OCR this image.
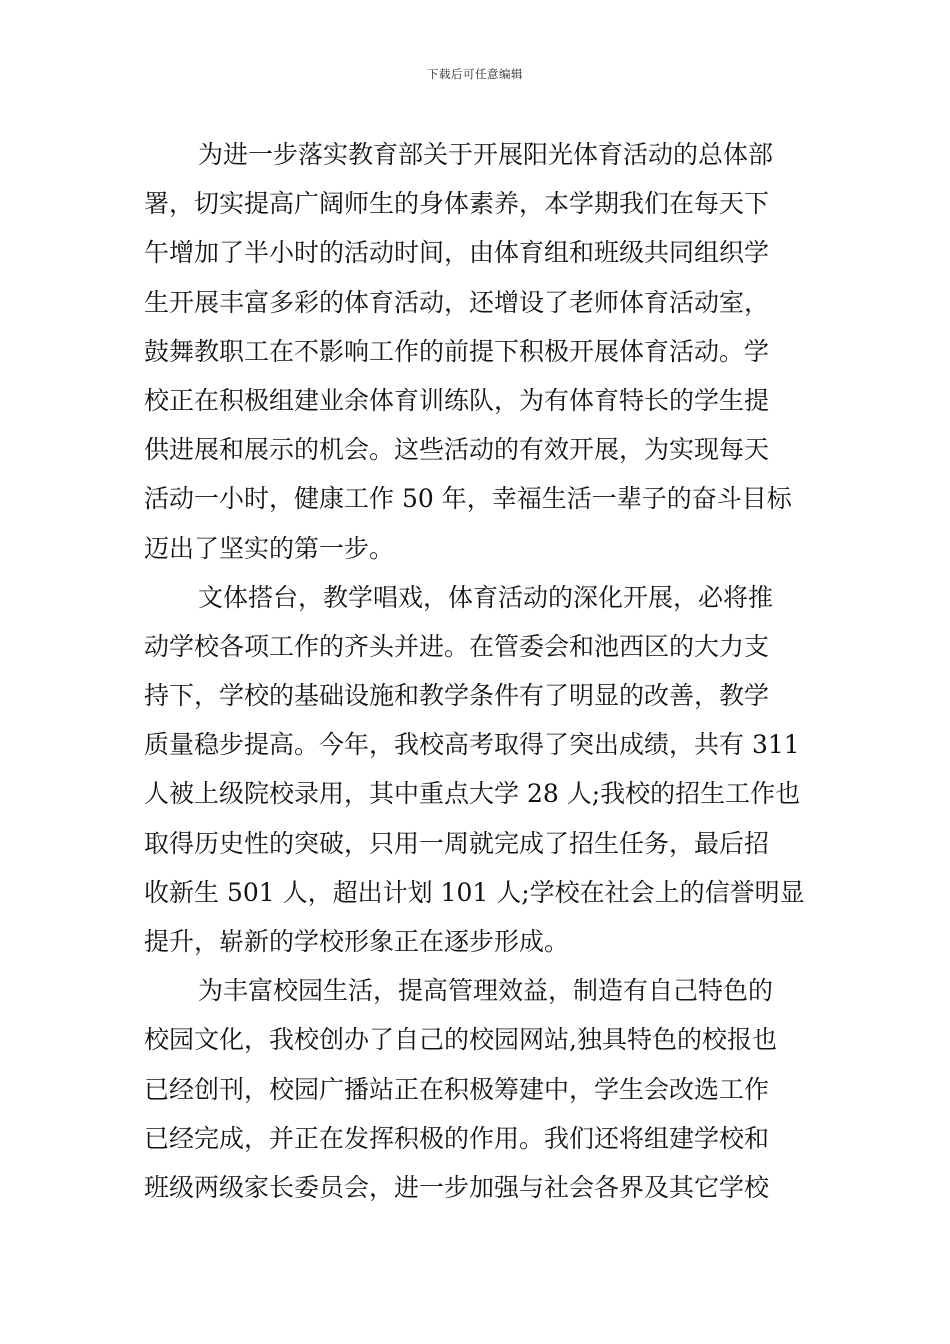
下载后可任意编辑
为进一步落实教育部关于开展阳光体育活动的总体部
署，切实提高广阔师生的身体素养，本学期我们在每天下
午增加了半小时的活动时间，由体育组和班级共同组织学
生开展丰富多彩的体育活动，还增设了老师体育活动室，
鼓舞教职工在不影响工作的前提下积极开展体育活动。学
校正在积极组建业余体育训练队，为有体育特长的学生提
供进展和展示的机会。这些活动的有效开展，为实现每天
活动一小时，健康工作 50 年，幸福生活一辈子的奋斗目标
迈出了坚实的第一步。
文体搭台，教学唱戏，体育活动的深化开展，必将推
动学校各项工作的齐头并进。在管委会和池西区的大力支
持下，学校的基础设施和教学条件有了明显的改善，教学
质量稳步提高。今年，我校高考取得了突出成绩，共有 311
人被上级院校录用，其中重点大学 28 人;我校的招生工作也
取得历史性的突破，只用一周就完成了招生任务，最后招
收新生 501 人，超出计划 101 人;学校在社会上的信誉明显
提升，崭新的学校形象正在逐步形成。
为丰富校园生活，提高管理效益，制造有自己特色的
校园文化，我校创办了自己的校园网站,独具特色的校报也
已经创刊，校园广播站正在积极筹建中，学生会改选工作
已经完成，并正在发挥积极的作用。我们还将组建学校和
班级两级家长委员会，进一步加强与社会各界及其它学校
